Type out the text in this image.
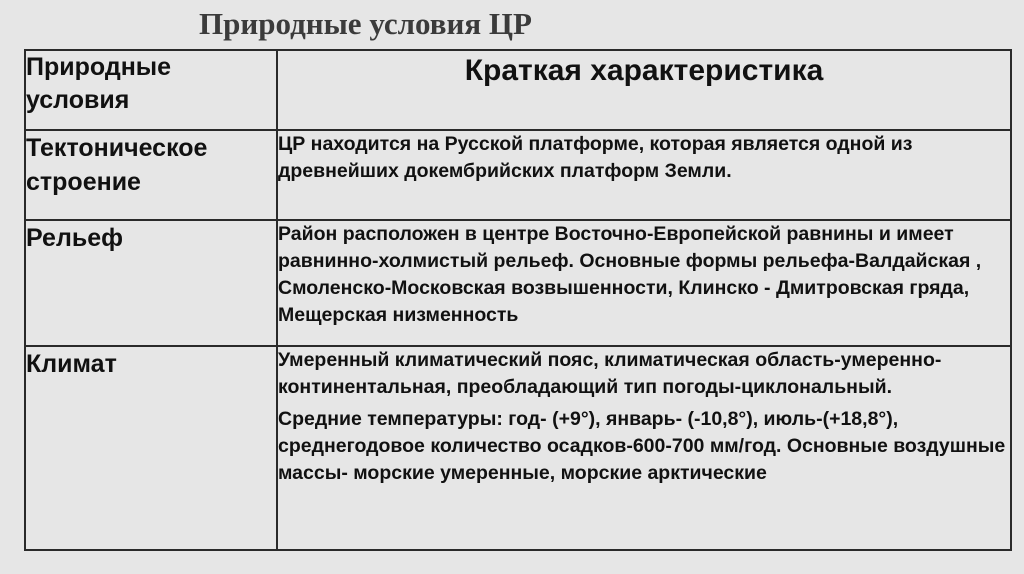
Природные условия ЦР
Природные условия	Краткая характеристика
Тектоническое строение	ЦР находится на Русской платформе, которая является одной из древнейших докембрийских платформ Земли.

Рельеф	Район расположен в центре Восточно-Европейской равнины и имеет равнинно-холмистый рельеф. Основные формы рельефа-Валдайская , Смоленско-Московская возвышенности, Клинско - Дмитровская гряда, Мещерская низменность

Климат	Умеренный климатический пояс, климатическая область-умеренно-континентальная, преобладающий тип погоды-циклональный.

Средние температуры: год- (+9°), январь- (-10,8°), июль-(+18,8°), среднегодовое количество осадков-600-700 мм/год. Основные воздушные массы- морские умеренные, морские арктические
